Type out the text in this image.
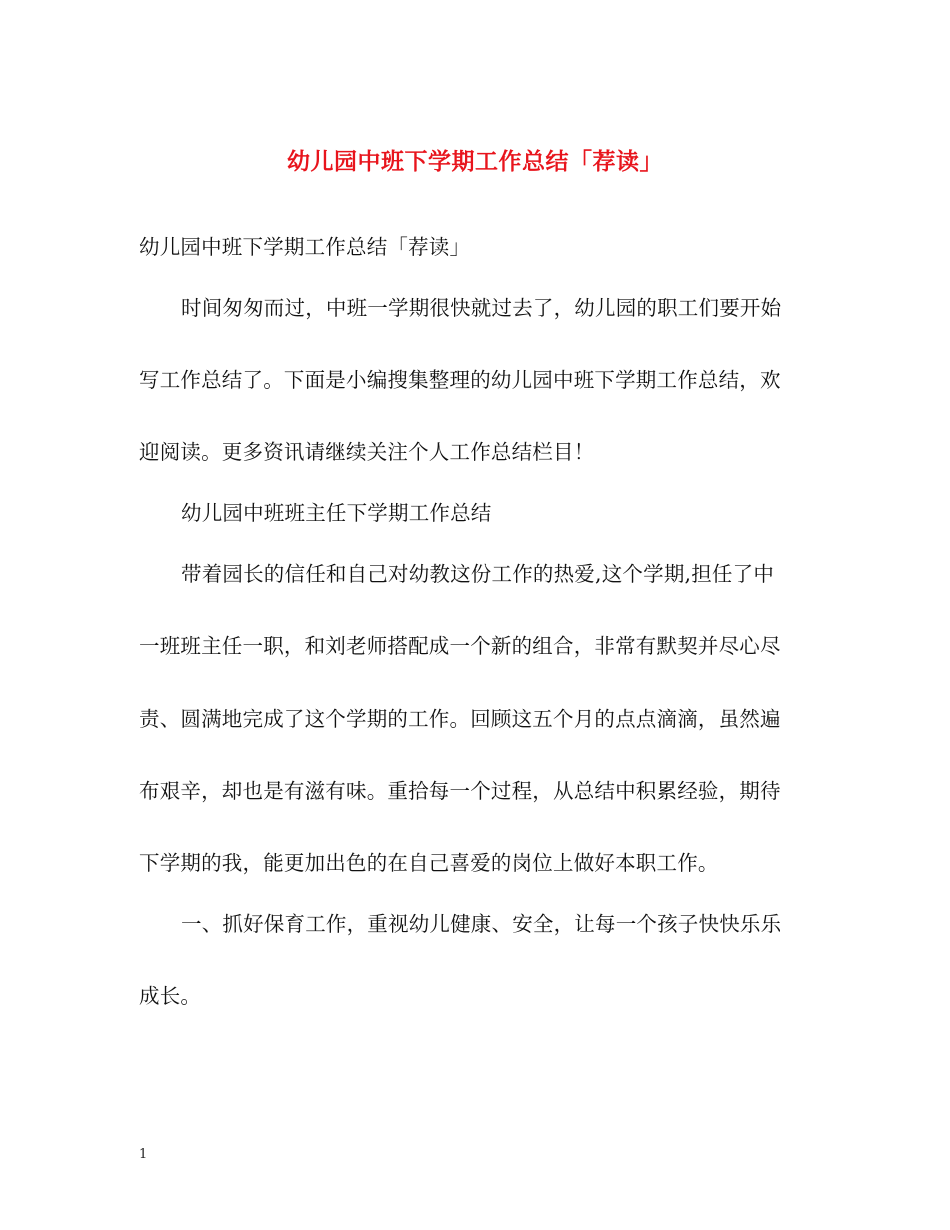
幼儿园中班下学期工作总结「荐读」
幼儿园中班下学期工作总结「荐读」
时间匆匆而过，中班一学期很快就过去了，幼儿园的职工们要开始
写工作总结了。下面是小编搜集整理的幼儿园中班下学期工作总结，欢
迎阅读。更多资讯请继续关注个人工作总结栏目！
幼儿园中班班主任下学期工作总结
带着园长的信任和自己对幼教这份工作的热爱,这个学期,担任了中
一班班主任一职，和刘老师搭配成一个新的组合，非常有默契并尽心尽
责、圆满地完成了这个学期的工作。回顾这五个月的点点滴滴，虽然遍
布艰辛，却也是有滋有味。重拾每一个过程，从总结中积累经验，期待
下学期的我，能更加出色的在自己喜爱的岗位上做好本职工作。
一、抓好保育工作，重视幼儿健康、安全，让每一个孩子快快乐乐
成长。
1
